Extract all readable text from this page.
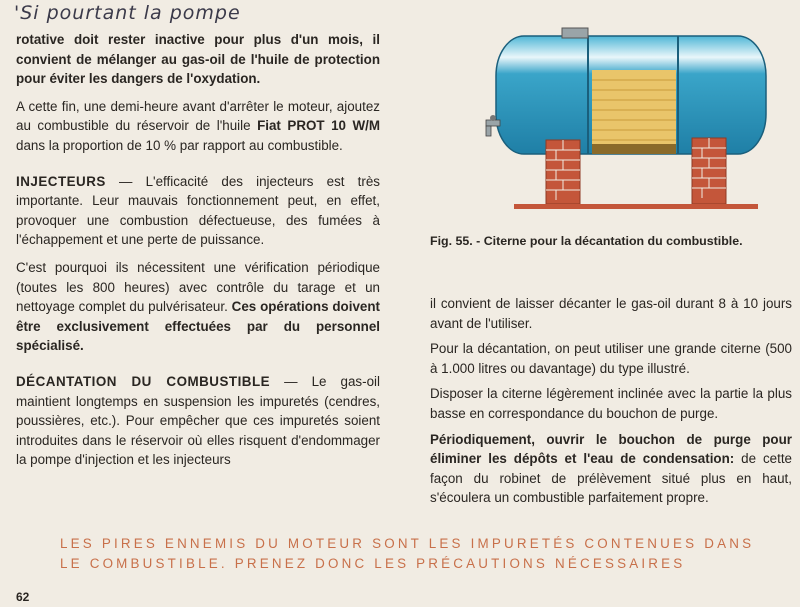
'Si pourtant la pompe

rotative doit rester inactive pour plus d'un mois, il convient de mélanger au gas-oil de l'huile de protection pour éviter les dangers de l'oxydation.

A cette fin, une demi-heure avant d'arrêter le moteur, ajoutez au combustible du réservoir de l'huile Fiat PROT 10 W/M dans la proportion de 10 % par rapport au combustible.

INJECTEURS — L'efficacité des injecteurs est très importante. Leur mauvais fonctionnement peut, en effet, provoquer une combustion défectueuse, des fumées à l'échappement et une perte de puissance.

C'est pourquoi ils nécessitent une vérification périodique (toutes les 800 heures) avec contrôle du tarage et un nettoyage complet du pulvérisateur. Ces opérations doivent être exclusivement effectuées par du personnel spécialisé.

DÉCANTATION DU COMBUSTIBLE — Le gas-oil maintient longtemps en suspension les impuretés (cendres, poussières, etc.). Pour empêcher que ces impuretés soient introduites dans le réservoir où elles risquent d'endommager la pompe d'injection et les injecteurs

Fig. 55. - Citerne pour la décantation du combustible.

il convient de laisser décanter le gas-oil durant 8 à 10 jours avant de l'utiliser.

Pour la décantation, on peut utiliser une grande citerne (500 à 1.000 litres ou davantage) du type illustré.

Disposer la citerne légèrement inclinée avec la partie la plus basse en correspondance du bouchon de purge.

Périodiquement, ouvrir le bouchon de purge pour éliminer les dépôts et l'eau de condensation: de cette façon du robinet de prélèvement situé plus en haut, s'écoulera un combustible parfaitement propre.

LES PIRES ENNEMIS DU MOTEUR SONT LES IMPURETÉS CONTENUES DANS
LE COMBUSTIBLE. PRENEZ DONC LES PRÉCAUTIONS NÉCESSAIRES
62
